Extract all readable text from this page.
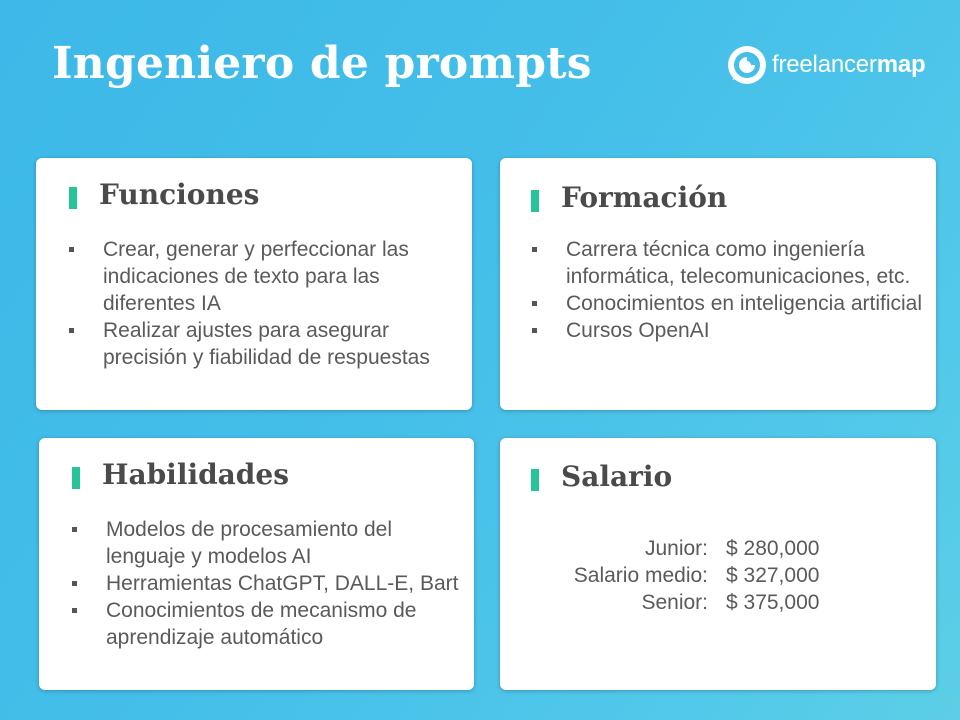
Ingeniero de prompts	freelancermap
Funciones
Crear, generar y perfeccionar las indicaciones de texto para las diferentes IA
Realizar ajustes para asegurar precisión y fiabilidad de respuestas
Formación
Carrera técnica como ingeniería informática, telecomunicaciones, etc.
Conocimientos en inteligencia artificial
Cursos OpenAI
Habilidades
Modelos de procesamiento del lenguaje y modelos AI
Herramientas ChatGPT, DALL-E, Bart
Conocimientos de mecanismo de aprendizaje automático
Salario
Junior: $ 280,000
Salario medio: $ 327,000
Senior: $ 375,000
